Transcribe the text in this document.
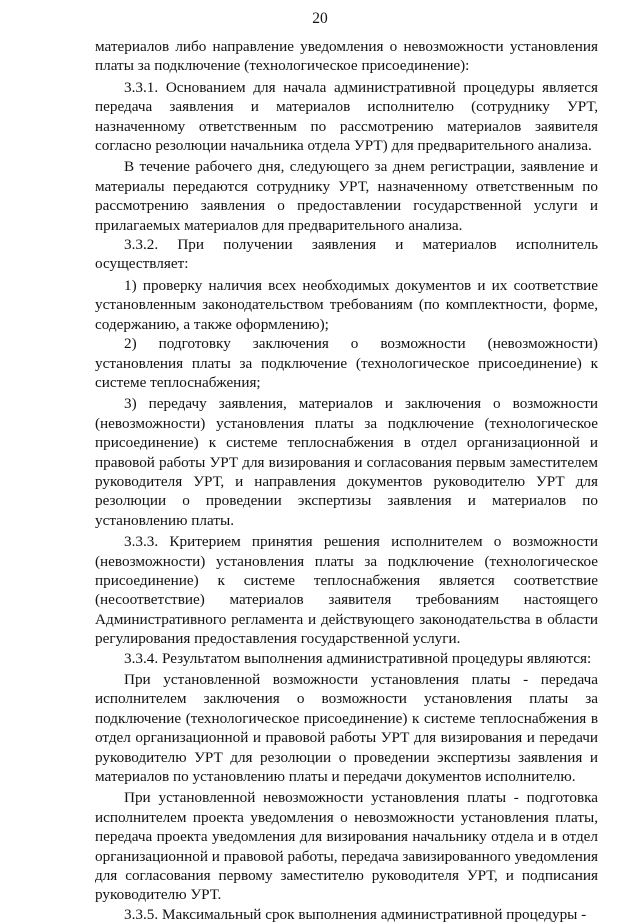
20

материалов либо направление уведомления о невозможности установления платы за подключение (технологическое присоединение):

3.3.1. Основанием для начала административной процедуры является передача заявления и материалов исполнителю (сотруднику УРТ, назначенному ответственным по рассмотрению материалов заявителя согласно резолюции начальника отдела УРТ) для предварительного анализа.

В течение рабочего дня, следующего за днем регистрации, заявление и материалы передаются сотруднику УРТ, назначенному ответственным по рассмотрению заявления о предоставлении государственной услуги и прилагаемых материалов для предварительного анализа.

3.3.2. При получении заявления и материалов исполнитель осуществляет:

1) проверку наличия всех необходимых документов и их соответствие установленным законодательством требованиям (по комплектности, форме, содержанию, а также оформлению);

2) подготовку заключения о возможности (невозможности) установления платы за подключение (технологическое присоединение) к системе теплоснабжения;

3) передачу заявления, материалов и заключения о возможности (невозможности) установления платы за подключение (технологическое присоединение) к системе теплоснабжения в отдел организационной и правовой работы УРТ для визирования и согласования первым заместителем руководителя УРТ, и направления документов руководителю УРТ для резолюции о проведении экспертизы заявления и материалов по установлению платы.

3.3.3. Критерием принятия решения исполнителем о возможности (невозможности) установления платы за подключение (технологическое присоединение) к системе теплоснабжения является соответствие (несоответствие) материалов заявителя требованиям настоящего Административного регламента и действующего законодательства в области регулирования предоставления государственной услуги.

3.3.4. Результатом выполнения административной процедуры являются:

При установленной возможности установления платы - передача исполнителем заключения о возможности установления платы за подключение (технологическое присоединение) к системе теплоснабжения в отдел организационной и правовой работы УРТ для визирования и передачи руководителю УРТ для резолюции о проведении экспертизы заявления и материалов по установлению платы и передачи документов исполнителю.

При установленной невозможности установления платы - подготовка исполнителем проекта уведомления о невозможности установления платы, передача проекта уведомления для визирования начальнику отдела и в отдел организационной и правовой работы, передача завизированного уведомления для согласования первому заместителю руководителя УРТ, и подписания руководителю УРТ.

3.3.5. Максимальный срок выполнения административной процедуры -
